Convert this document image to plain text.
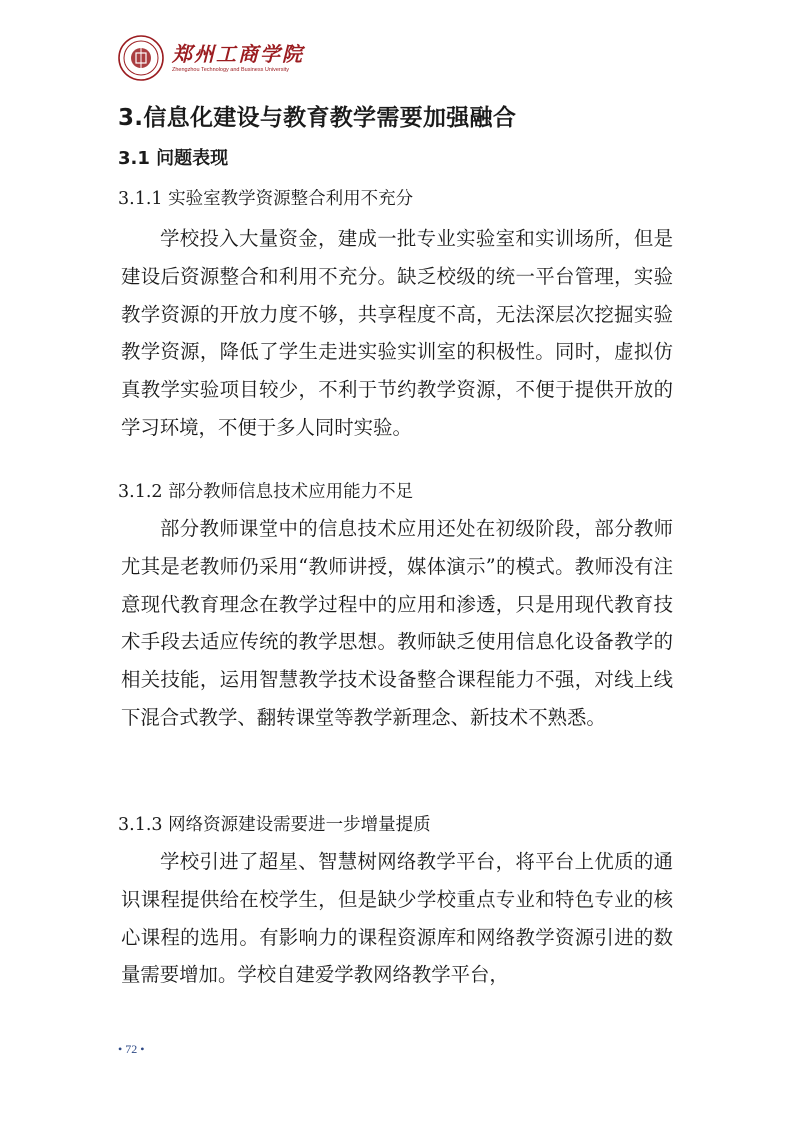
郑州工商学院
Zhengzhou Technology and Business University
3.信息化建设与教育教学需要加强融合
3.1 问题表现
3.1.1 实验室教学资源整合利用不充分

学校投入大量资金，建成一批专业实验室和实训场所，但是建设后资源整合和利用不充分。缺乏校级的统一平台管理，实验教学资源的开放力度不够，共享程度不高，无法深层次挖掘实验教学资源，降低了学生走进实验实训室的积极性。同时，虚拟仿真教学实验项目较少，不利于节约教学资源，不便于提供开放的学习环境，不便于多人同时实验。

3.1.2 部分教师信息技术应用能力不足

部分教师课堂中的信息技术应用还处在初级阶段，部分教师尤其是老教师仍采用“教师讲授，媒体演示”的模式。教师没有注意现代教育理念在教学过程中的应用和渗透，只是用现代教育技术手段去适应传统的教学思想。教师缺乏使用信息化设备教学的相关技能，运用智慧教学技术设备整合课程能力不强，对线上线下混合式教学、翻转课堂等教学新理念、新技术不熟悉。

3.1.3 网络资源建设需要进一步增量提质

学校引进了超星、智慧树网络教学平台，将平台上优质的通识课程提供给在校学生，但是缺少学校重点专业和特色专业的核心课程的选用。有影响力的课程资源库和网络教学资源引进的数量需要增加。学校自建爱学教网络教学平台，

• 72 •
